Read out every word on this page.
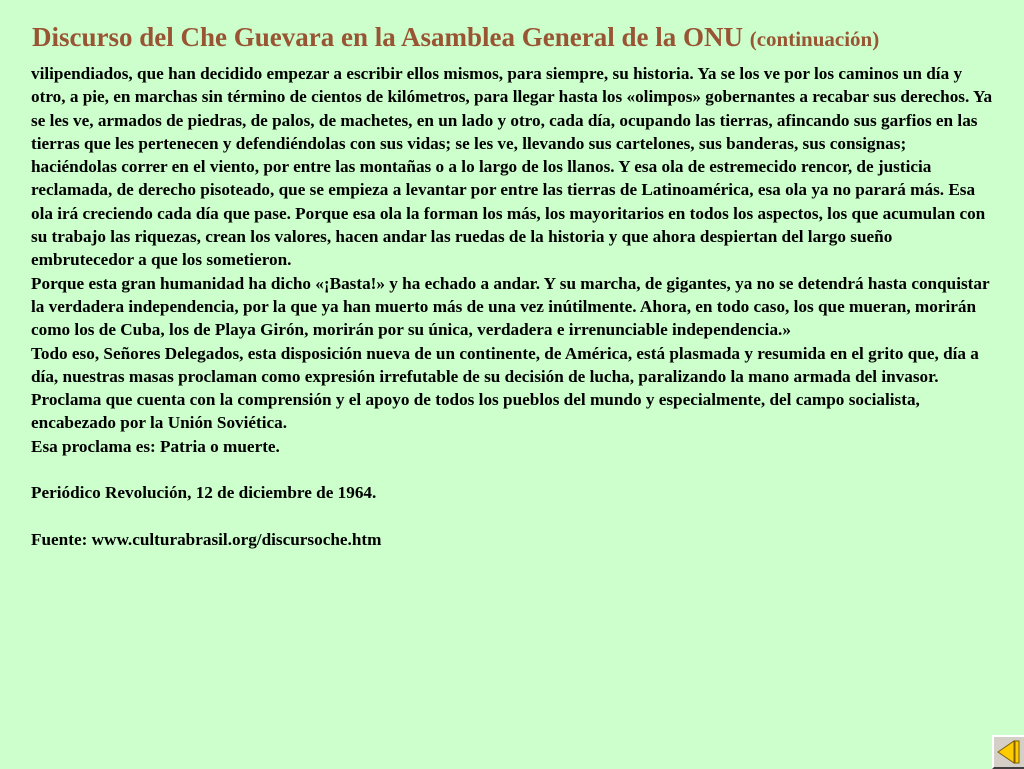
Discurso del Che Guevara en la Asamblea General de la ONU (continuación)

vilipendiados, que han decidido empezar a escribir ellos mismos, para siempre, su historia. Ya se los ve por los caminos un día y otro, a pie, en marchas sin término de cientos de kilómetros, para llegar hasta los «olimpos» gobernantes a recabar sus derechos. Ya se les ve, armados de piedras, de palos, de machetes, en un lado y otro, cada día, ocupando las tierras, afincando sus garfios en las tierras que les pertenecen y defendiéndolas con sus vidas; se les ve, llevando sus cartelones, sus banderas, sus consignas; haciéndolas correr en el viento, por entre las montañas o a lo largo de los llanos. Y esa ola de estremecido rencor, de justicia reclamada, de derecho pisoteado, que se empieza a levantar por entre las tierras de Latinoamérica, esa ola ya no parará más. Esa ola irá creciendo cada día que pase. Porque esa ola la forman los más, los mayoritarios en todos los aspectos, los que acumulan con su trabajo las riquezas, crean los valores, hacen andar las ruedas de la historia y que ahora despiertan del largo sueño embrutecedor a que los sometieron.

Porque esta gran humanidad ha dicho «¡Basta!» y ha echado a andar. Y su marcha, de gigantes, ya no se detendrá hasta conquistar la verdadera independencia, por la que ya han muerto más de una vez inútilmente. Ahora, en todo caso, los que mueran, morirán como los de Cuba, los de Playa Girón, morirán por su única, verdadera e irrenunciable independencia.»

Todo eso, Señores Delegados, esta disposición nueva de un continente, de América, está plasmada y resumida en el grito que, día a día, nuestras masas proclaman como expresión irrefutable de su decisión de lucha, paralizando la mano armada del invasor. Proclama que cuenta con la comprensión y el apoyo de todos los pueblos del mundo y especialmente, del campo socialista, encabezado por la Unión Soviética.

Esa proclama es: Patria o muerte.

Periódico Revolución, 12 de diciembre de 1964.

Fuente: www.culturabrasil.org/discursoche.htm
